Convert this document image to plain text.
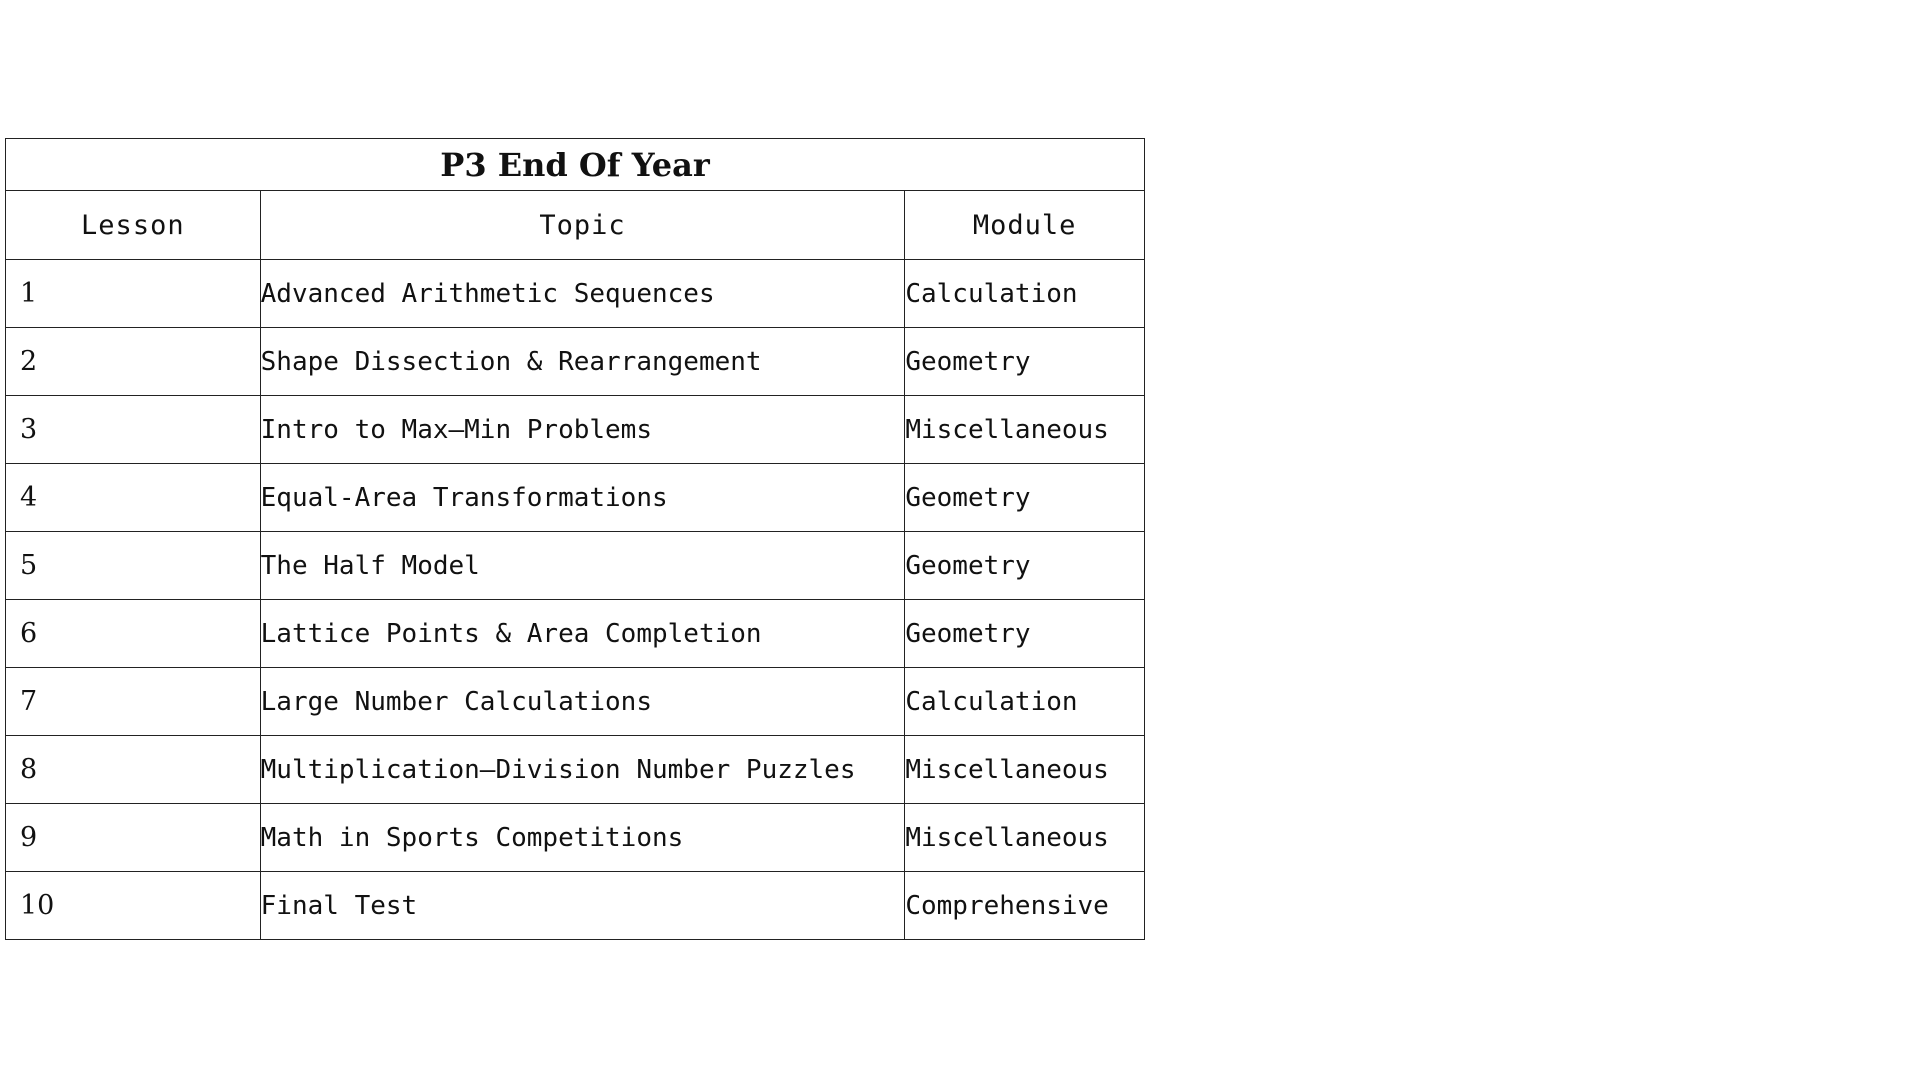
P3 End Of Year		
Lesson	Topic	Module
1	Advanced Arithmetic Sequences	Calculation
2	Shape Dissection & Rearrangement	Geometry
3	Intro to Max–Min Problems	Miscellaneous
4	Equal-Area Transformations	Geometry
5	The Half Model	Geometry
6	Lattice Points & Area Completion	Geometry
7	Large Number Calculations	Calculation
8	Multiplication–Division Number Puzzles	Miscellaneous
9	Math in Sports Competitions	Miscellaneous
10	Final Test	Comprehensive
